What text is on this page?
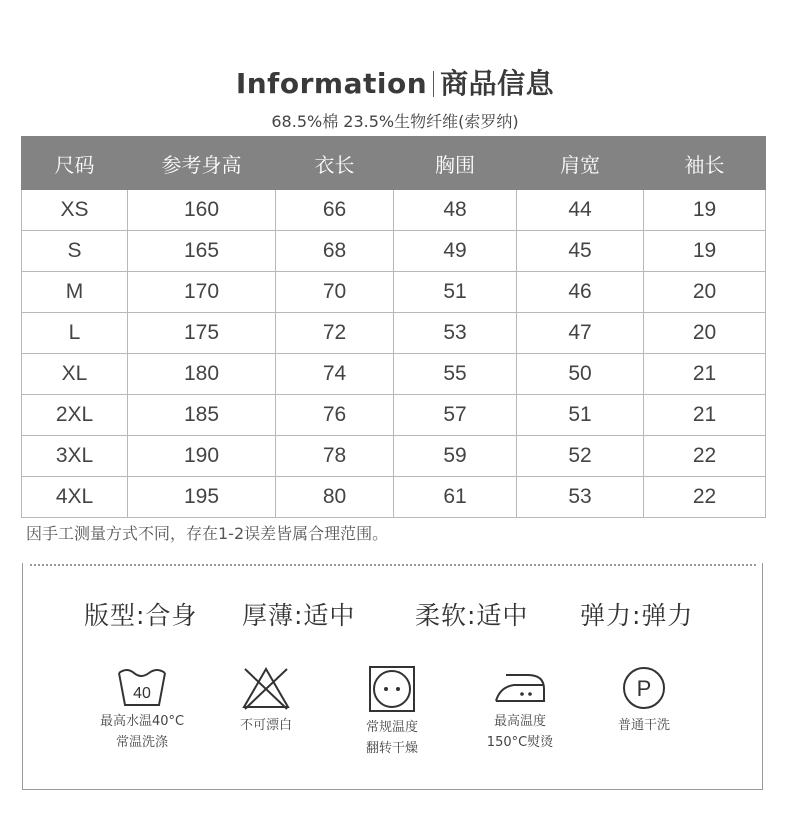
Information 商品信息
68.5%棉 23.5%生物纤维(索罗纳)
尺码	参考身高	衣长	胸围	肩宽	袖长
XS	160	66	48	44	19
S	165	68	49	45	19
M	170	70	51	46	20
L	175	72	53	47	20
XL	180	74	55	50	21
2XL	185	76	57	51	21
3XL	190	78	59	52	22
4XL	195	80	61	53	22
因手工测量方式不同，存在1-2误差皆属合理范围。
版型:合身 厚薄:适中 柔软:适中 弹力:弹力
40
最高水温40°C
常温洗涤
不可漂白	常规温度
翻转干燥
最高温度
150°C熨烫
P
普通干洗
